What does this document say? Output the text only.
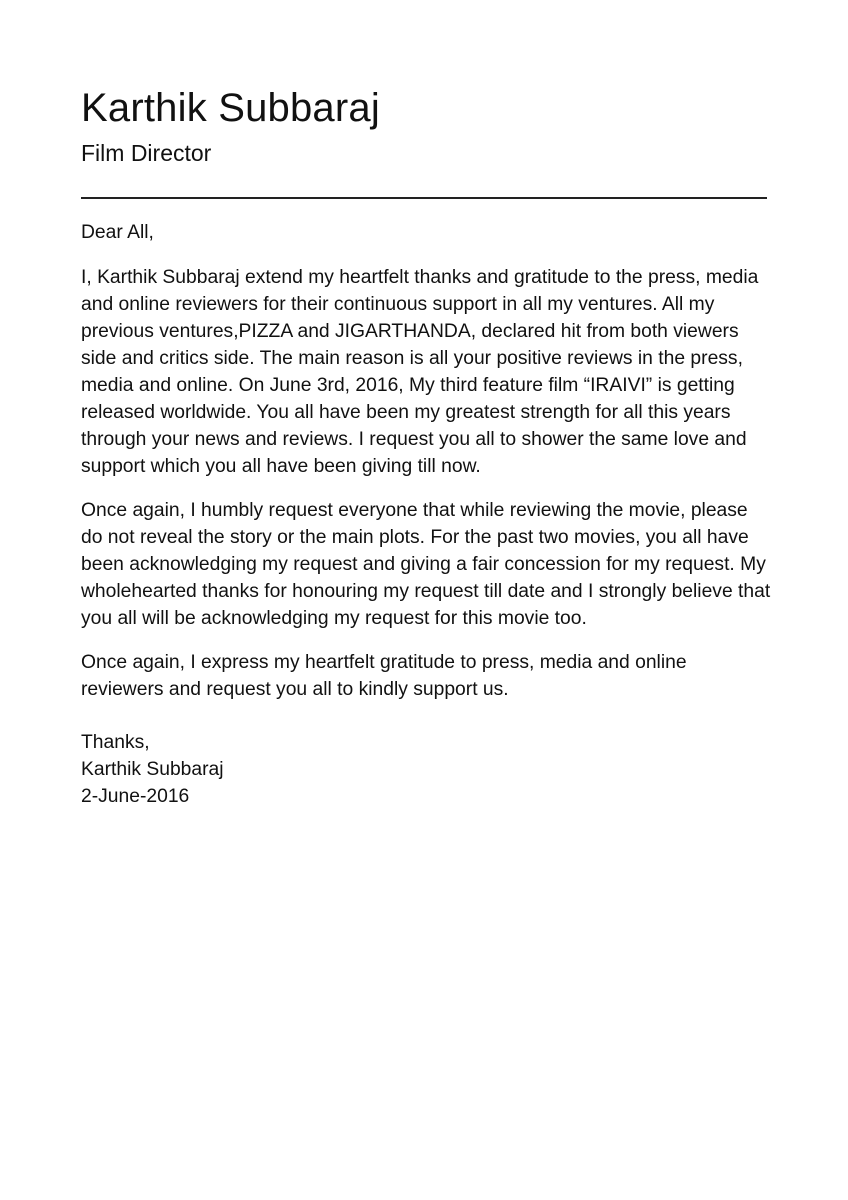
Karthik Subbaraj
Film Director

Dear All,

I, Karthik Subbaraj extend my heartfelt thanks and gratitude to the press, media and online reviewers for their continuous support in all my ventures. All my previous ventures,PIZZA and JIGARTHANDA, declared hit from both viewers side and critics side. The main reason is all your positive reviews in the press, media and online. On June 3rd, 2016, My third feature film “IRAIVI” is getting released worldwide. You all have been my greatest strength for all this years through your news and reviews. I request you all to shower the same love and support which you all have been giving till now.

Once again, I humbly request everyone that while reviewing the movie, please do not reveal the story or the main plots. For the past two movies, you all have been acknowledging my request and giving a fair concession for my request. My wholehearted thanks for honouring my request till date and I strongly believe that you all will be acknowledging my request for this movie too.

Once again, I express my heartfelt gratitude to press, media and online reviewers and request you all to kindly support us.

Thanks,
Karthik Subbaraj
2-June-2016
